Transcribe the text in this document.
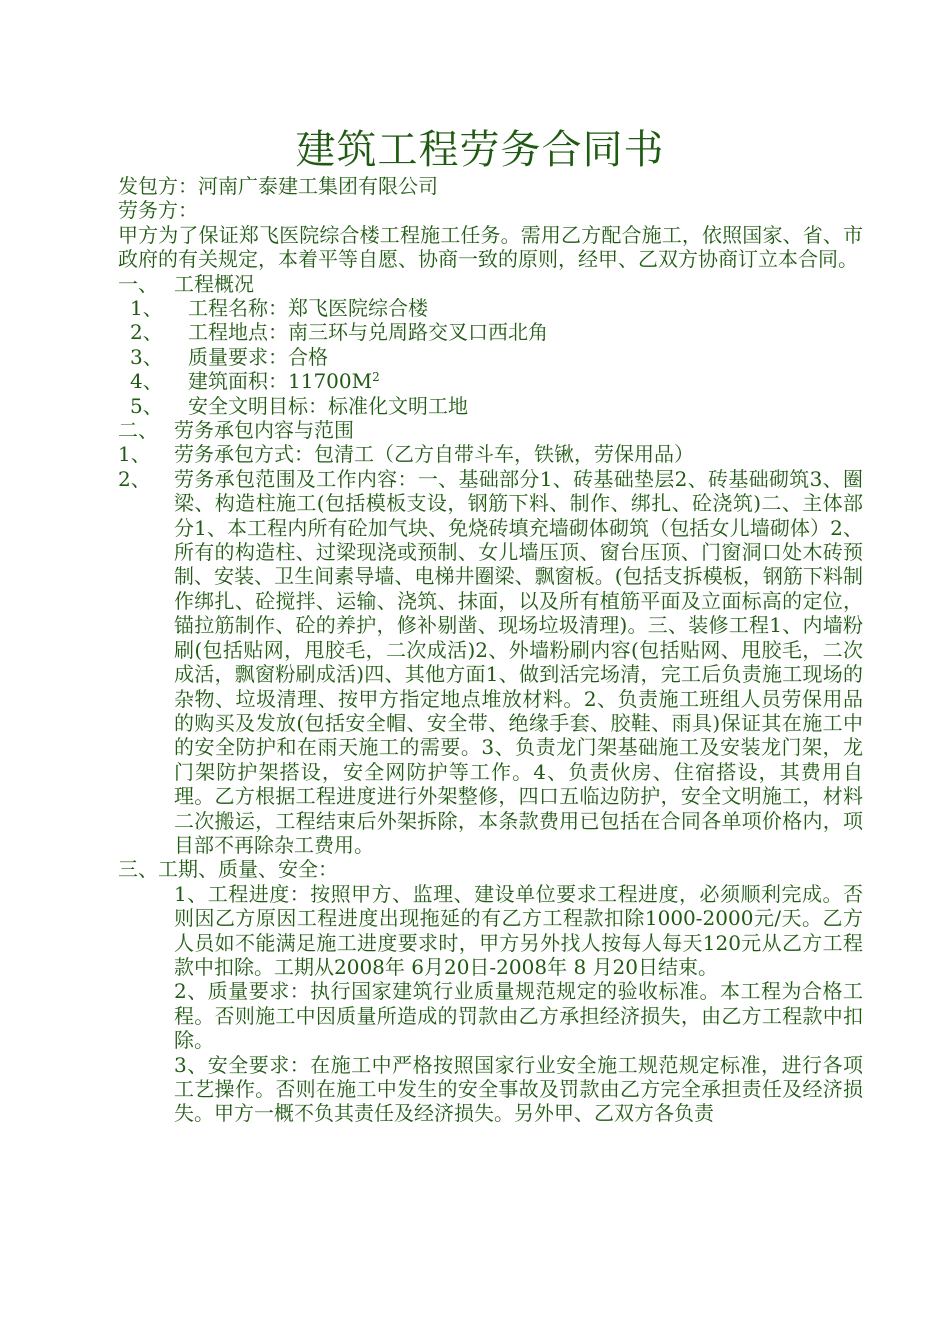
建筑工程劳务合同书
发包方：河南广泰建工集团有限公司
劳务方：
甲方为了保证郑飞医院综合楼工程施工任务。需用乙方配合施工，依照国家、省、市政府的有关规定，本着平等自愿、协商一致的原则，经甲、乙双方协商订立本合同。
一、 工程概况
1、	工程名称：郑飞医院综合楼
2、	工程地点：南三环与兑周路交叉口西北角
3、	质量要求：合格
4、	建筑面积：$11700M^2$
5、	安全文明目标：标准化文明工地
二、 劳务承包内容与范围
1、	劳务承包方式：包清工（乙方自带斗车，铁锹，劳保用品）
2、	劳务承包范围及工作内容：一、基础部分1、砖基础垫层2、砖基础砌筑3、圈梁、构造柱施工(包括模板支设，钢筋下料、制作、绑扎、砼浇筑)二、主体部分1、本工程内所有砼加气块、免烧砖填充墙砌体砌筑（包括女儿墙砌体）2、所有的构造柱、过梁现浇或预制、女儿墙压顶、窗台压顶、门窗洞口处木砖预制、安装、卫生间素导墙、电梯井圈梁、飘窗板。(包括支拆模板，钢筋下料制作绑扎、砼搅拌、运输、浇筑、抹面，以及所有植筋平面及立面标高的定位，锚拉筋制作、砼的养护，修补剔凿、现场垃圾清理)。三、装修工程1、内墙粉刷(包括贴网，甩胶毛，二次成活)2、外墙粉刷内容(包括贴网、甩胶毛，二次成活，飘窗粉刷成活)四、其他方面1、做到活完场清，完工后负责施工现场的杂物、垃圾清理、按甲方指定地点堆放材料。2、负责施工班组人员劳保用品的购买及发放(包括安全帽、安全带、绝缘手套、胶鞋、雨具)保证其在施工中的安全防护和在雨天施工的需要。3、负责龙门架基础施工及安装龙门架，龙门架防护架搭设，安全网防护等工作。4、负责伙房、住宿搭设，其费用自理。乙方根据工程进度进行外架整修，四口五临边防护，安全文明施工，材料二次搬运，工程结束后外架拆除，本条款费用已包括在合同各单项价格内，项目部不再除杂工费用。
三、工期、质量、安全：
1、工程进度：按照甲方、监理、建设单位要求工程进度，必须顺利完成。否则因乙方原因工程进度出现拖延的有乙方工程款扣除1000-2000元/天。乙方人员如不能满足施工进度要求时，甲方另外找人按每人每天120元从乙方工程款中扣除。工期从2008年 6月20日-2008年 8 月20日结束。
2、质量要求：执行国家建筑行业质量规范规定的验收标准。本工程为合格工程。否则施工中因质量所造成的罚款由乙方承担经济损失，由乙方工程款中扣除。
3、安全要求：在施工中严格按照国家行业安全施工规范规定标准，进行各项工艺操作。否则在施工中发生的安全事故及罚款由乙方完全承担责任及经济损失。甲方一概不负其责任及经济损失。另外甲、乙双方各负责
